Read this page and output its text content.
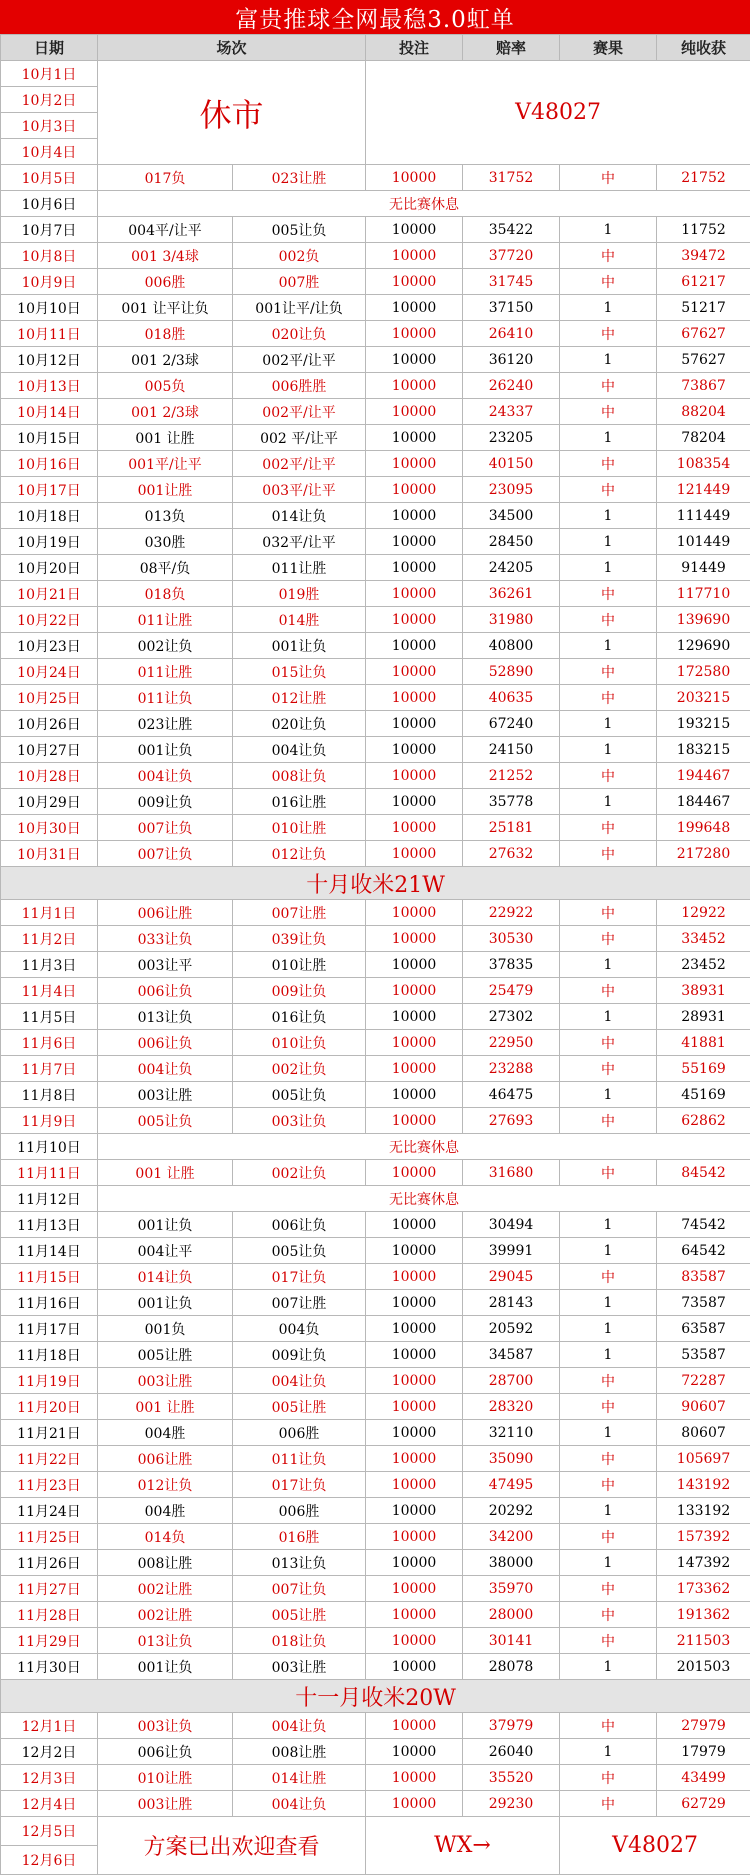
富贵推球全网最稳3.0虹单
日期	场次		投注	赔率	赛果	纯收获
10月1日	休市		V48027			
10月2日						
10月3日						
10月4日						
10月5日	017负	023让胜	10000	31752	中	21752
10月6日	无比赛休息					
10月7日	004平/让平	005让负	10000	35422	1	11752
10月8日	001 3/4球	002负	10000	37720	中	39472
10月9日	006胜	007胜	10000	31745	中	61217
10月10日	001 让平让负	001让平/让负	10000	37150	1	51217
10月11日	018胜	020让负	10000	26410	中	67627
10月12日	001 2/3球	002平/让平	10000	36120	1	57627
10月13日	005负	006胜胜	10000	26240	中	73867
10月14日	001 2/3球	002平/让平	10000	24337	中	88204
10月15日	001 让胜	002 平/让平	10000	23205	1	78204
10月16日	001平/让平	002平/让平	10000	40150	中	108354
10月17日	001让胜	003平/让平	10000	23095	中	121449
10月18日	013负	014让负	10000	34500	1	111449
10月19日	030胜	032平/让平	10000	28450	1	101449
10月20日	08平/负	011让胜	10000	24205	1	91449
10月21日	018负	019胜	10000	36261	中	117710
10月22日	011让胜	014胜	10000	31980	中	139690
10月23日	002让负	001让负	10000	40800	1	129690
10月24日	011让胜	015让负	10000	52890	中	172580
10月25日	011让负	012让胜	10000	40635	中	203215
10月26日	023让胜	020让负	10000	67240	1	193215
10月27日	001让负	004让负	10000	24150	1	183215
10月28日	004让负	008让负	10000	21252	中	194467
10月29日	009让负	016让胜	10000	35778	1	184467
10月30日	007让负	010让胜	10000	25181	中	199648
10月31日	007让负	012让负	10000	27632	中	217280
十月收米21W						
11月1日	006让胜	007让胜	10000	22922	中	12922
11月2日	033让负	039让负	10000	30530	中	33452
11月3日	003让平	010让胜	10000	37835	1	23452
11月4日	006让负	009让负	10000	25479	中	38931
11月5日	013让负	016让负	10000	27302	1	28931
11月6日	006让负	010让负	10000	22950	中	41881
11月7日	004让负	002让负	10000	23288	中	55169
11月8日	003让胜	005让负	10000	46475	1	45169
11月9日	005让负	003让负	10000	27693	中	62862
11月10日	无比赛休息					
11月11日	001 让胜	002让负	10000	31680	中	84542
11月12日	无比赛休息					
11月13日	001让负	006让负	10000	30494	1	74542
11月14日	004让平	005让负	10000	39991	1	64542
11月15日	014让负	017让负	10000	29045	中	83587
11月16日	001让负	007让胜	10000	28143	1	73587
11月17日	001负	004负	10000	20592	1	63587
11月18日	005让胜	009让负	10000	34587	1	53587
11月19日	003让胜	004让负	10000	28700	中	72287
11月20日	001 让胜	005让胜	10000	28320	中	90607
11月21日	004胜	006胜	10000	32110	1	80607
11月22日	006让胜	011让负	10000	35090	中	105697
11月23日	012让负	017让负	10000	47495	中	143192
11月24日	004胜	006胜	10000	20292	1	133192
11月25日	014负	016胜	10000	34200	中	157392
11月26日	008让胜	013让负	10000	38000	1	147392
11月27日	002让胜	007让负	10000	35970	中	173362
11月28日	002让胜	005让胜	10000	28000	中	191362
11月29日	013让负	018让负	10000	30141	中	211503
11月30日	001让负	003让胜	10000	28078	1	201503
十一月收米20W						
12月1日	003让负	004让负	10000	37979	中	27979
12月2日	006让负	008让胜	10000	26040	1	17979
12月3日	010让胜	014让胜	10000	35520	中	43499
12月4日	003让胜	004让负	10000	29230	中	62729
12月5日	方案已出欢迎查看		WX→		V48027	
12月6日						
